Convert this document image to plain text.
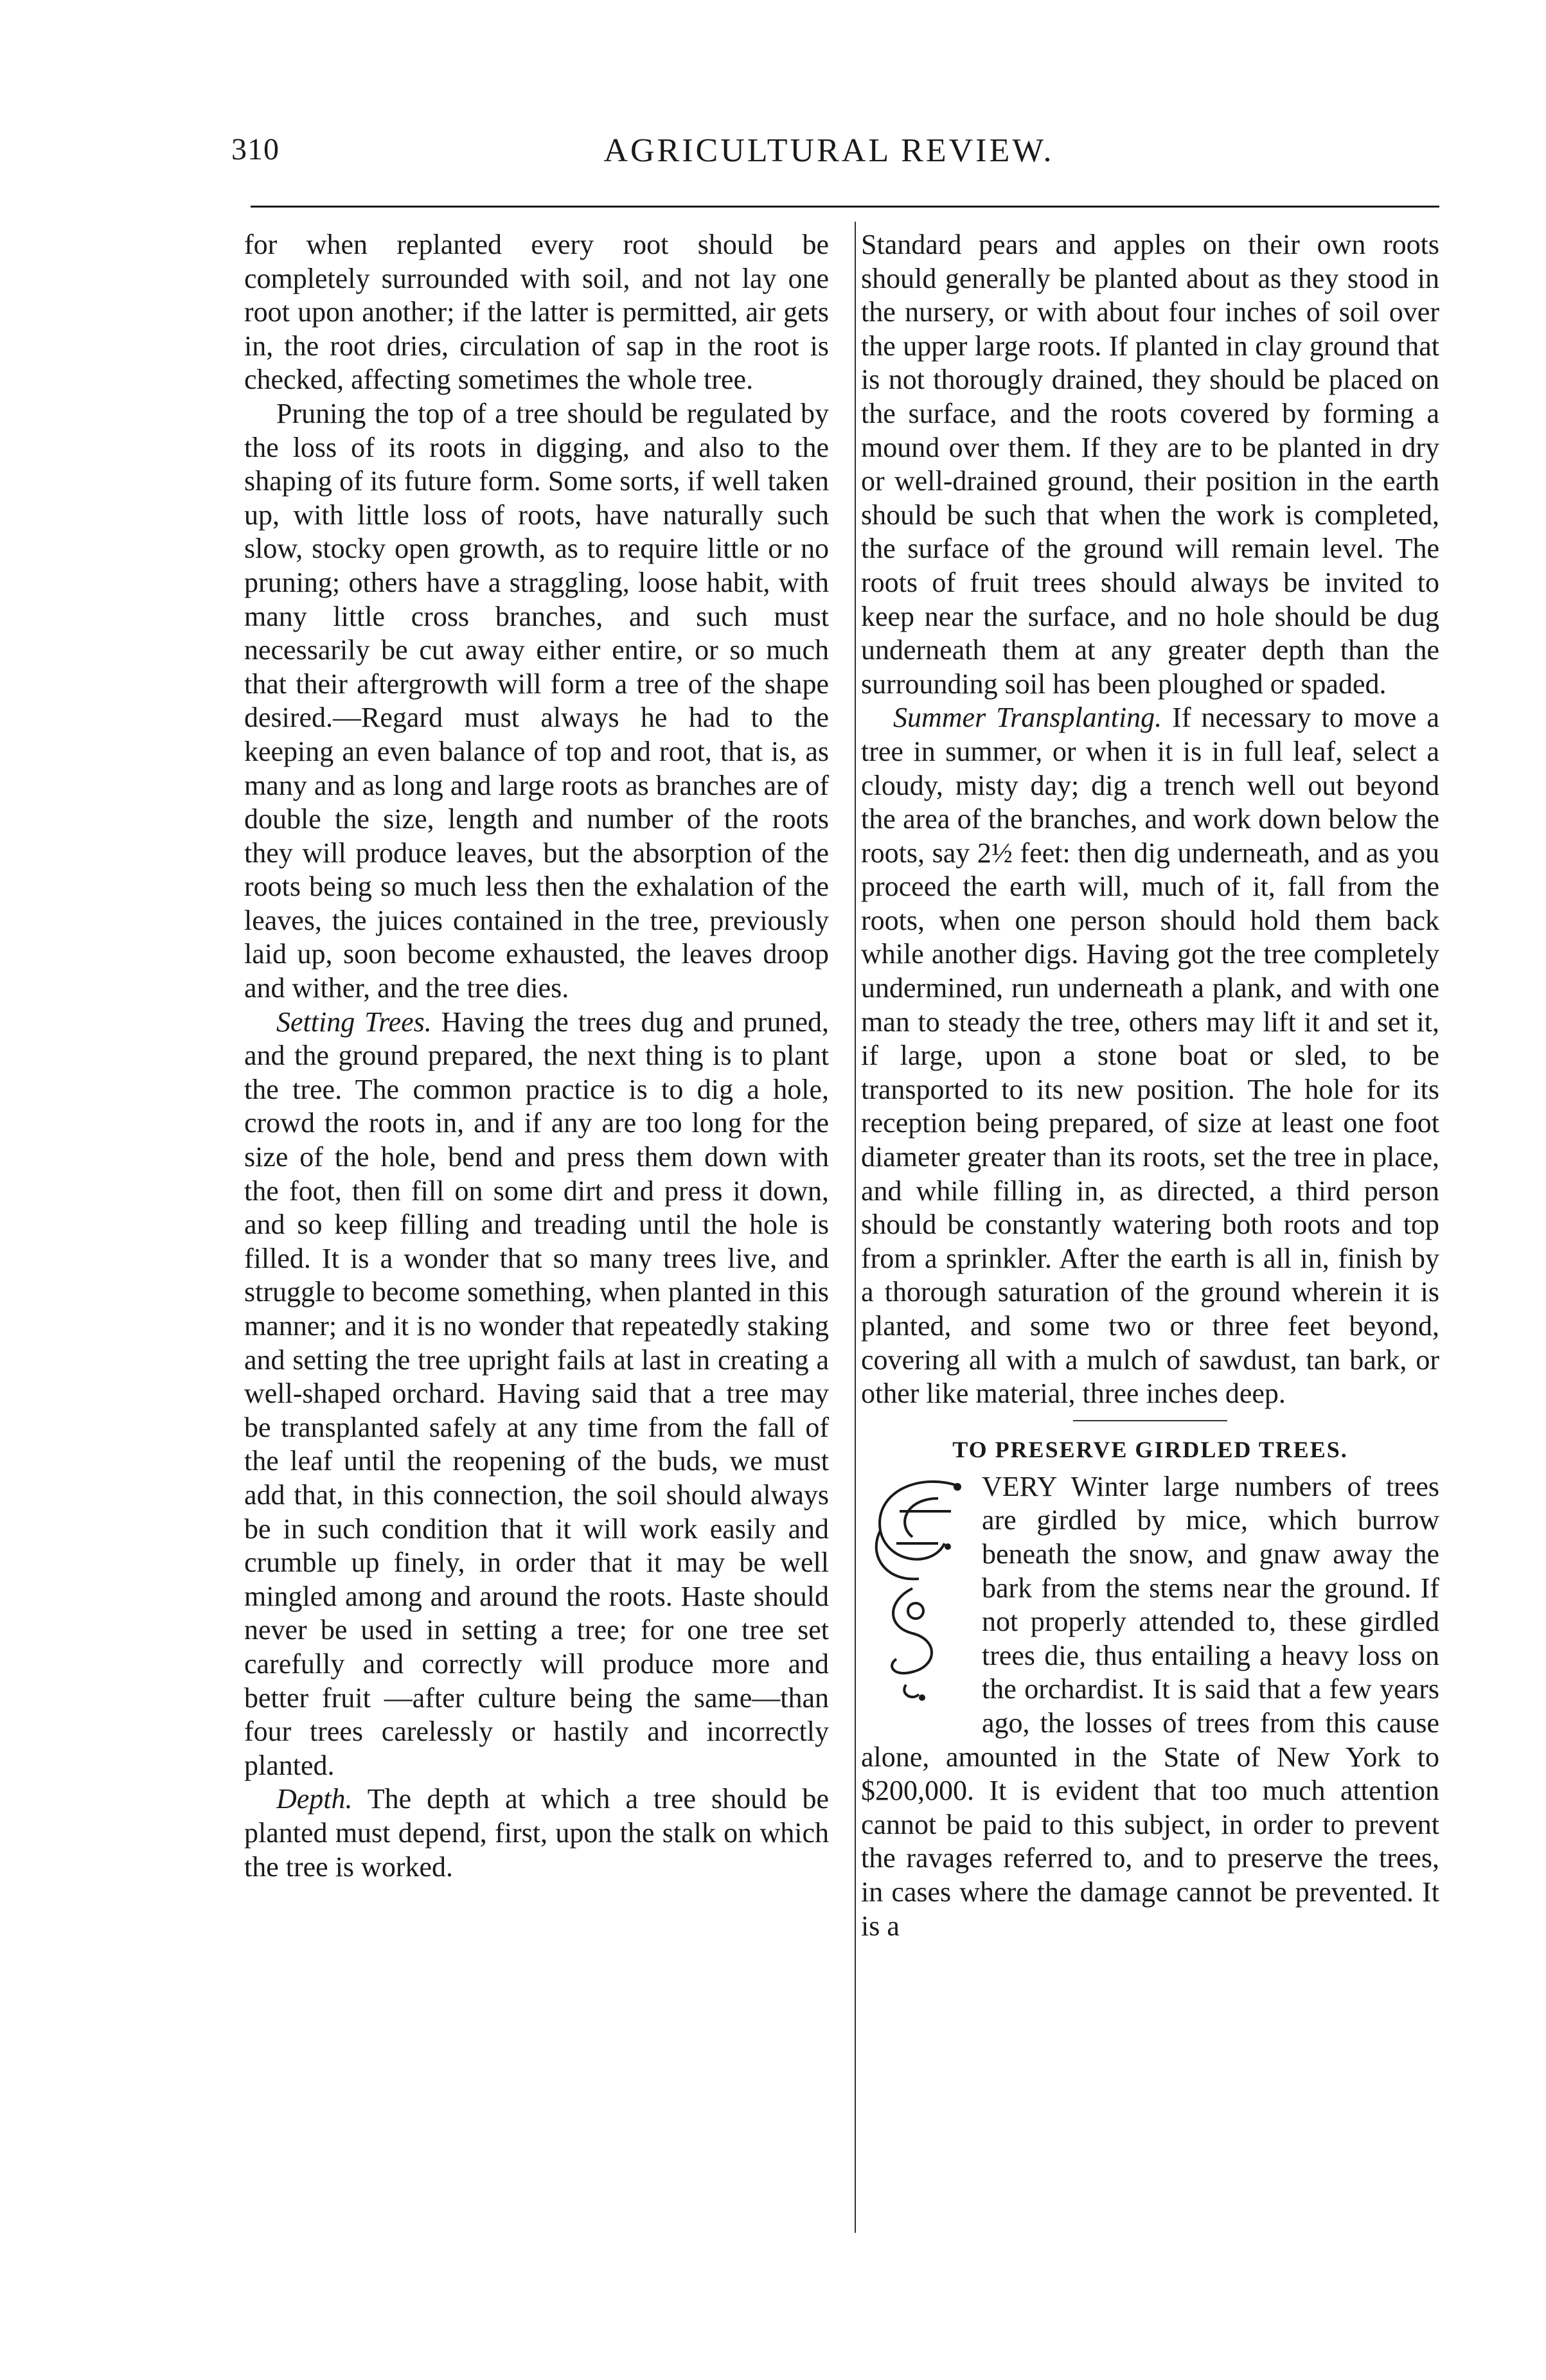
310	AGRICULTURAL REVIEW.

for when replanted every root should be completely surrounded with soil, and not lay one root upon another; if the latter is permitted, air gets in, the root dries, circulation of sap in the root is checked, affecting sometimes the whole tree.

Pruning the top of a tree should be regulated by the loss of its roots in digging, and also to the shaping of its future form. Some sorts, if well taken up, with little loss of roots, have naturally such slow, stocky open growth, as to require little or no pruning; others have a straggling, loose habit, with many little cross branches, and such must necessarily be cut away either entire, or so much that their aftergrowth will form a tree of the shape desired.—Regard must always he had to the keeping an even balance of top and root, that is, as many and as long and large roots as branches are of double the size, length and number of the roots they will produce leaves, but the absorption of the roots being so much less then the exhalation of the leaves, the juices contained in the tree, previously laid up, soon become exhausted, the leaves droop and wither, and the tree dies.

Setting Trees. Having the trees dug and pruned, and the ground prepared, the next thing is to plant the tree. The common practice is to dig a hole, crowd the roots in, and if any are too long for the size of the hole, bend and press them down with the foot, then fill on some dirt and press it down, and so keep filling and treading until the hole is filled. It is a wonder that so many trees live, and struggle to become something, when planted in this manner; and it is no wonder that repeatedly staking and setting the tree upright fails at last in creating a well-shaped orchard. Having said that a tree may be transplanted safely at any time from the fall of the leaf until the reopening of the buds, we must add that, in this connection, the soil should always be in such condition that it will work easily and crumble up finely, in order that it may be well mingled among and around the roots. Haste should never be used in setting a tree; for one tree set carefully and correctly will produce more and better fruit —after culture being the same—than four trees carelessly or hastily and incorrectly planted.

Depth. The depth at which a tree should be planted must depend, first, upon the stalk on which the tree is worked.

Standard pears and apples on their own roots should generally be planted about as they stood in the nursery, or with about four inches of soil over the upper large roots. If planted in clay ground that is not thorougly drained, they should be placed on the surface, and the roots covered by forming a mound over them. If they are to be planted in dry or well-drained ground, their position in the earth should be such that when the work is completed, the surface of the ground will remain level. The roots of fruit trees should always be invited to keep near the surface, and no hole should be dug underneath them at any greater depth than the surrounding soil has been ploughed or spaded.

Summer Transplanting. If necessary to move a tree in summer, or when it is in full leaf, select a cloudy, misty day; dig a trench well out beyond the area of the branches, and work down below the roots, say 2½ feet: then dig underneath, and as you proceed the earth will, much of it, fall from the roots, when one person should hold them back while another digs. Having got the tree completely undermined, run underneath a plank, and with one man to steady the tree, others may lift it and set it, if large, upon a stone boat or sled, to be transported to its new position. The hole for its reception being prepared, of size at least one foot diameter greater than its roots, set the tree in place, and while filling in, as directed, a third person should be constantly watering both roots and top from a sprinkler. After the earth is all in, finish by a thorough saturation of the ground wherein it is planted, and some two or three feet beyond, covering all with a mulch of sawdust, tan bark, or other like material, three inches deep.

TO PRESERVE GIRDLED TREES.

VERY Winter large numbers of trees are girdled by mice, which burrow beneath the snow, and gnaw away the bark from the stems near the ground. If not properly attended to, these girdled trees die, thus entailing a heavy loss on the orchardist. It is said that a few years ago, the losses of trees from this cause alone, amounted in the State of New York to $200,000. It is evident that too much attention cannot be paid to this subject, in order to prevent the ravages referred to, and to preserve the trees, in cases where the damage cannot be prevented. It is a
